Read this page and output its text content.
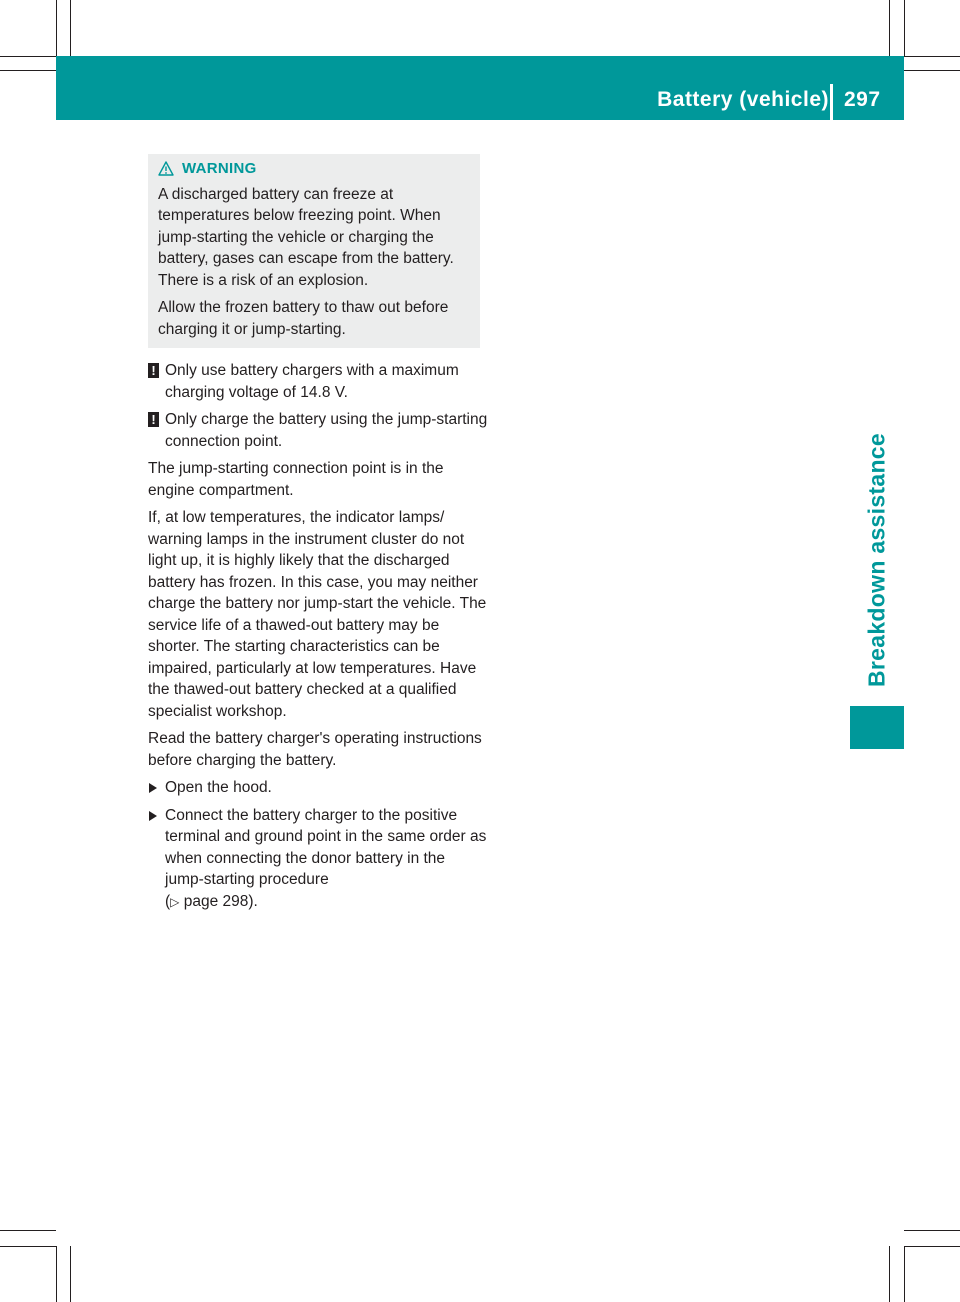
Battery (vehicle) 297
Breakdown assistance
WARNING

A discharged battery can freeze at temperatures below freezing point. When jump-starting the vehicle or charging the battery, gases can escape from the battery. There is a risk of an explosion.

Allow the frozen battery to thaw out before charging it or jump-starting.

! Only use battery chargers with a maximum charging voltage of 14.8 V.
! Only charge the battery using the jump-starting connection point.

The jump-starting connection point is in the engine compartment.

If, at low temperatures, the indicator lamps/ warning lamps in the instrument cluster do not light up, it is highly likely that the discharged battery has frozen. In this case, you may neither charge the battery nor jump-start the vehicle. The service life of a thawed-out battery may be shorter. The starting characteristics can be impaired, particularly at low temperatures. Have the thawed-out battery checked at a qualified specialist workshop.

Read the battery charger's operating instructions before charging the battery.

Open the hood.
Connect the battery charger to the positive terminal and ground point in the same order as when connecting the donor battery in the jump-starting procedure
(▷ page 298).
